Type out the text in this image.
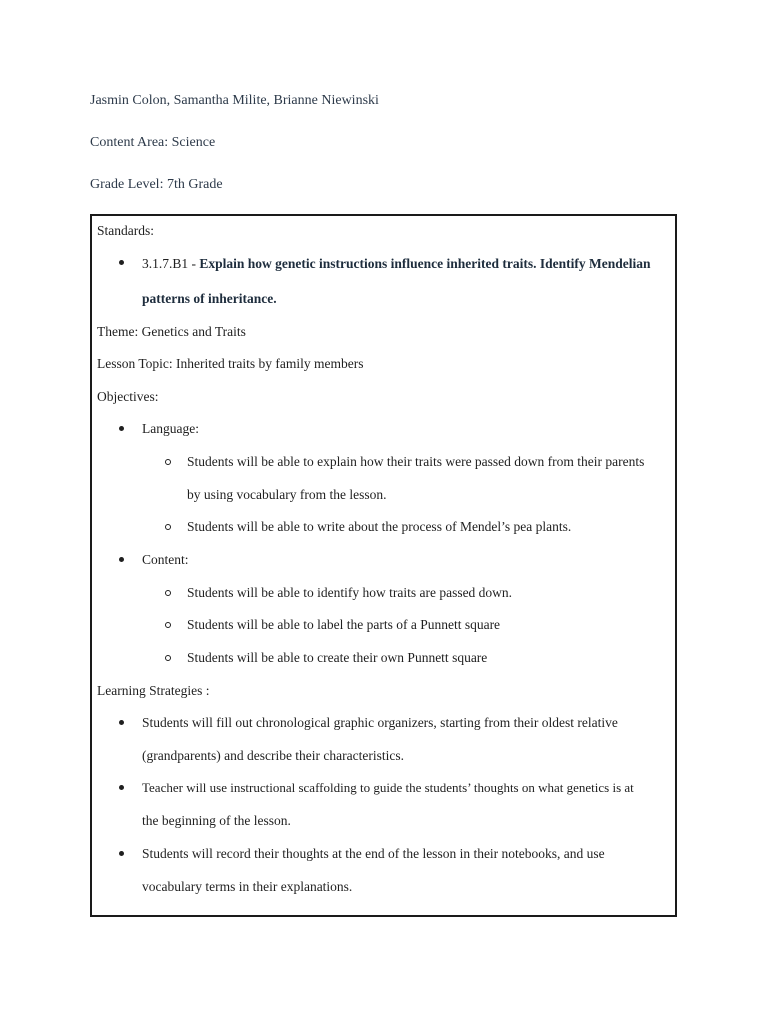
Jasmin Colon, Samantha Milite, Brianne Niewinski
Content Area: Science
Grade Level: 7th Grade
Standards:
3.1.7.B1 - Explain how genetic instructions influence inherited traits. Identify Mendelian
patterns of inheritance.
Theme: Genetics and Traits
Lesson Topic: Inherited traits by family members
Objectives:
Language:
Students will be able to explain how their traits were passed down from their parents
by using vocabulary from the lesson.
Students will be able to write about the process of Mendel’s pea plants.
Content:
Students will be able to identify how traits are passed down.
Students will be able to label the parts of a Punnett square
Students will be able to create their own Punnett square
Learning Strategies :
Students will fill out chronological graphic organizers, starting from their oldest relative
(grandparents) and describe their characteristics.
Teacher will use instructional scaffolding to guide the students’ thoughts on what genetics is at
the beginning of the lesson.
Students will record their thoughts at the end of the lesson in their notebooks, and use
vocabulary terms in their explanations.
